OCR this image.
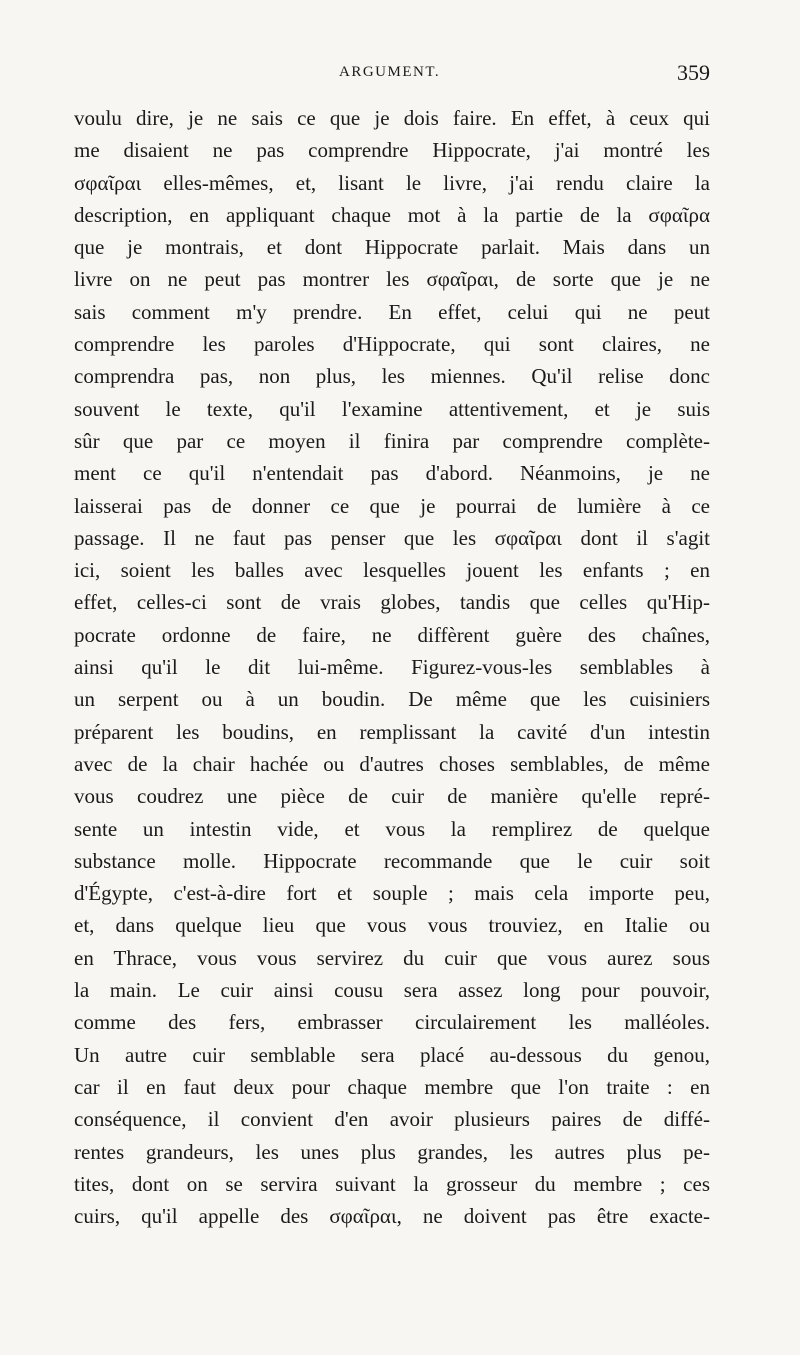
ARGUMENT.	359
voulu dire, je ne sais ce que je dois faire. En effet, à ceux qui
me disaient ne pas comprendre Hippocrate, j'ai montré les
σφαῖραι elles-mêmes, et, lisant le livre, j'ai rendu claire la
description, en appliquant chaque mot à la partie de la σφαῖρα
que je montrais, et dont Hippocrate parlait. Mais dans un
livre on ne peut pas montrer les σφαῖραι, de sorte que je ne
sais comment m'y prendre. En effet, celui qui ne peut
comprendre les paroles d'Hippocrate, qui sont claires, ne
comprendra pas, non plus, les miennes. Qu'il relise donc
souvent le texte, qu'il l'examine attentivement, et je suis
sûr que par ce moyen il finira par comprendre complète-
ment ce qu'il n'entendait pas d'abord. Néanmoins, je ne
laisserai pas de donner ce que je pourrai de lumière à ce
passage. Il ne faut pas penser que les σφαῖραι dont il s'agit
ici, soient les balles avec lesquelles jouent les enfants ; en
effet, celles-ci sont de vrais globes, tandis que celles qu'Hip-
pocrate ordonne de faire, ne diffèrent guère des chaînes,
ainsi qu'il le dit lui-même. Figurez-vous-les semblables à
un serpent ou à un boudin. De même que les cuisiniers
préparent les boudins, en remplissant la cavité d'un intestin
avec de la chair hachée ou d'autres choses semblables, de même
vous coudrez une pièce de cuir de manière qu'elle repré-
sente un intestin vide, et vous la remplirez de quelque
substance molle. Hippocrate recommande que le cuir soit
d'Égypte, c'est-à-dire fort et souple ; mais cela importe peu,
et, dans quelque lieu que vous vous trouviez, en Italie ou
en Thrace, vous vous servirez du cuir que vous aurez sous
la main. Le cuir ainsi cousu sera assez long pour pouvoir,
comme des fers, embrasser circulairement les malléoles.
Un autre cuir semblable sera placé au-dessous du genou,
car il en faut deux pour chaque membre que l'on traite : en
conséquence, il convient d'en avoir plusieurs paires de diffé-
rentes grandeurs, les unes plus grandes, les autres plus pe-
tites, dont on se servira suivant la grosseur du membre ; ces
cuirs, qu'il appelle des σφαῖραι, ne doivent pas être exacte-
